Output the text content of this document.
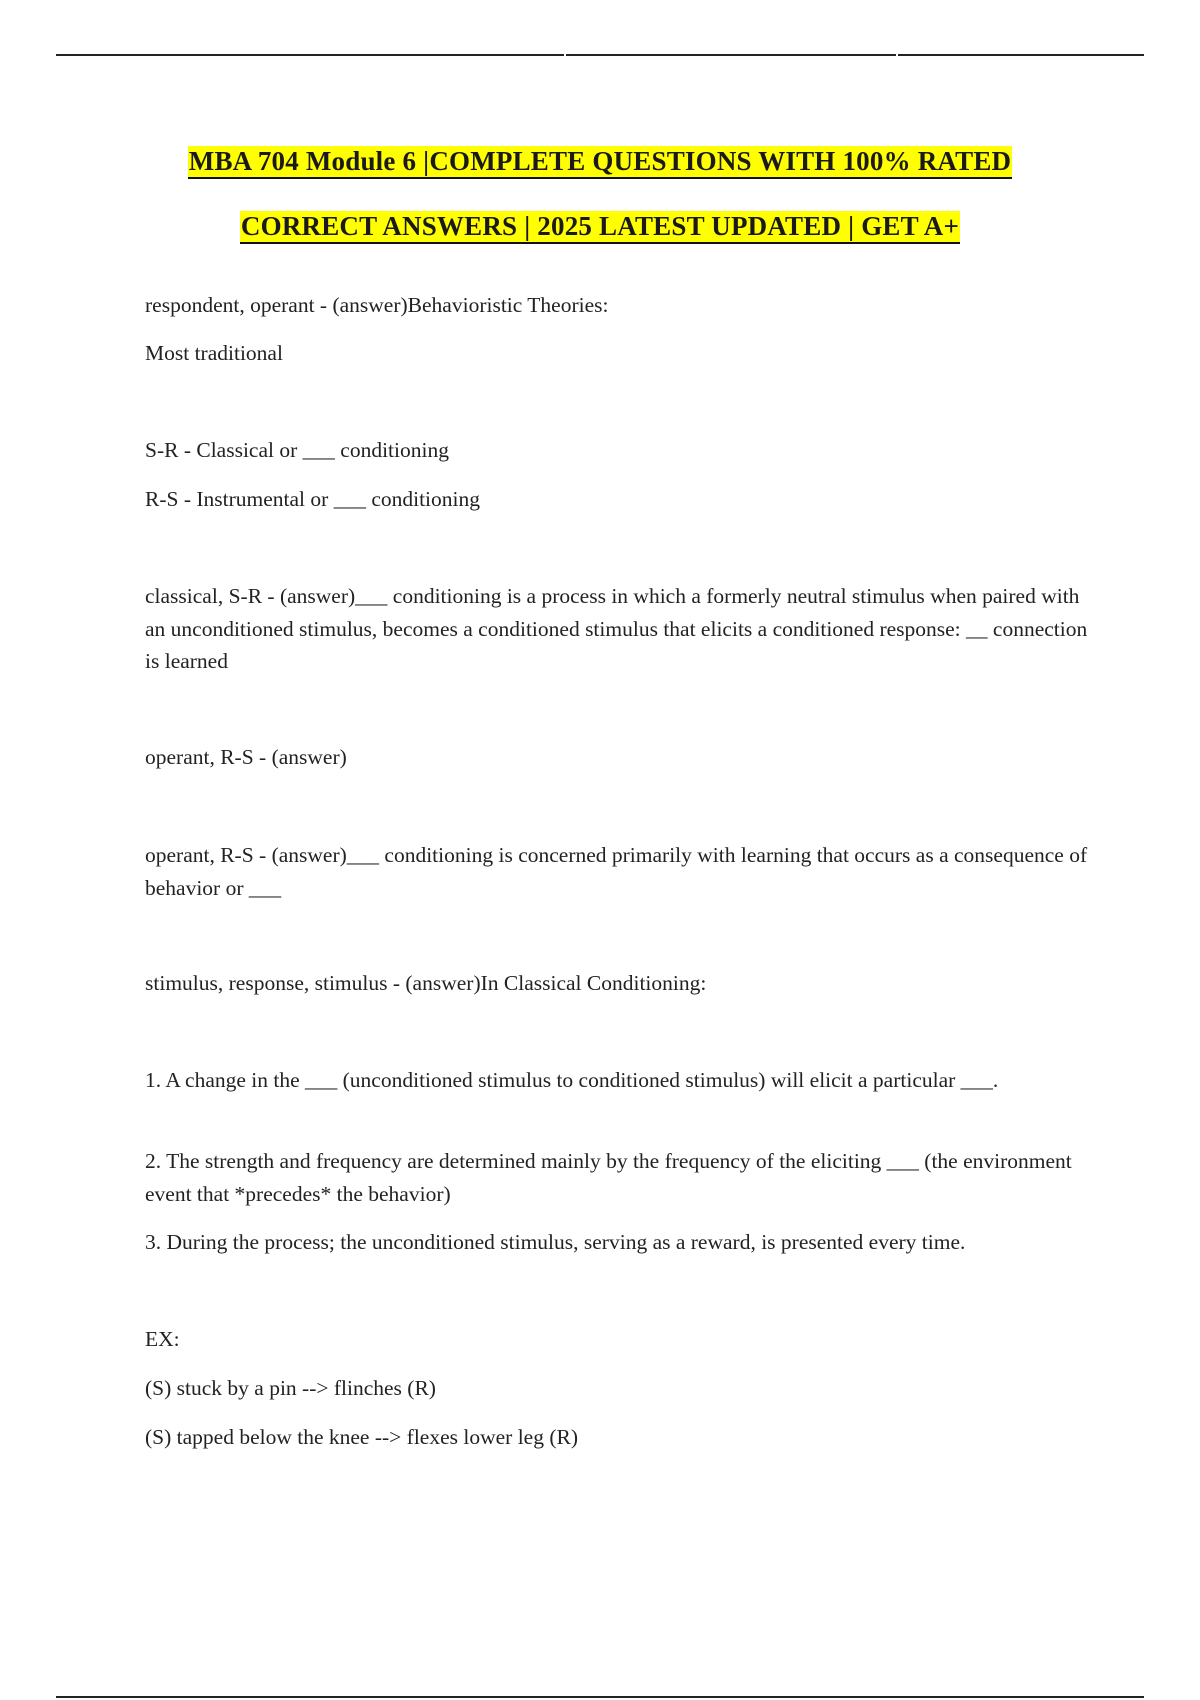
MBA 704 Module 6 |COMPLETE QUESTIONS WITH 100% RATED
CORRECT ANSWERS | 2025 LATEST UPDATED | GET A+

respondent, operant - (answer)Behavioristic Theories:

Most traditional

S-R - Classical or ___ conditioning

R-S - Instrumental or ___ conditioning

classical, S-R - (answer)___ conditioning is a process in which a formerly neutral stimulus when paired with an unconditioned stimulus, becomes a conditioned stimulus that elicits a conditioned response: __ connection is learned

operant, R-S - (answer)

operant, R-S - (answer)___ conditioning is concerned primarily with learning that occurs as a consequence of behavior or ___

stimulus, response, stimulus - (answer)In Classical Conditioning:

1. A change in the ___ (unconditioned stimulus to conditioned stimulus) will elicit a particular ___.

2. The strength and frequency are determined mainly by the frequency of the eliciting ___ (the environment event that *precedes* the behavior)

3. During the process; the unconditioned stimulus, serving as a reward, is presented every time.

EX:

(S) stuck by a pin --> flinches (R)

(S) tapped below the knee --> flexes lower leg (R)
